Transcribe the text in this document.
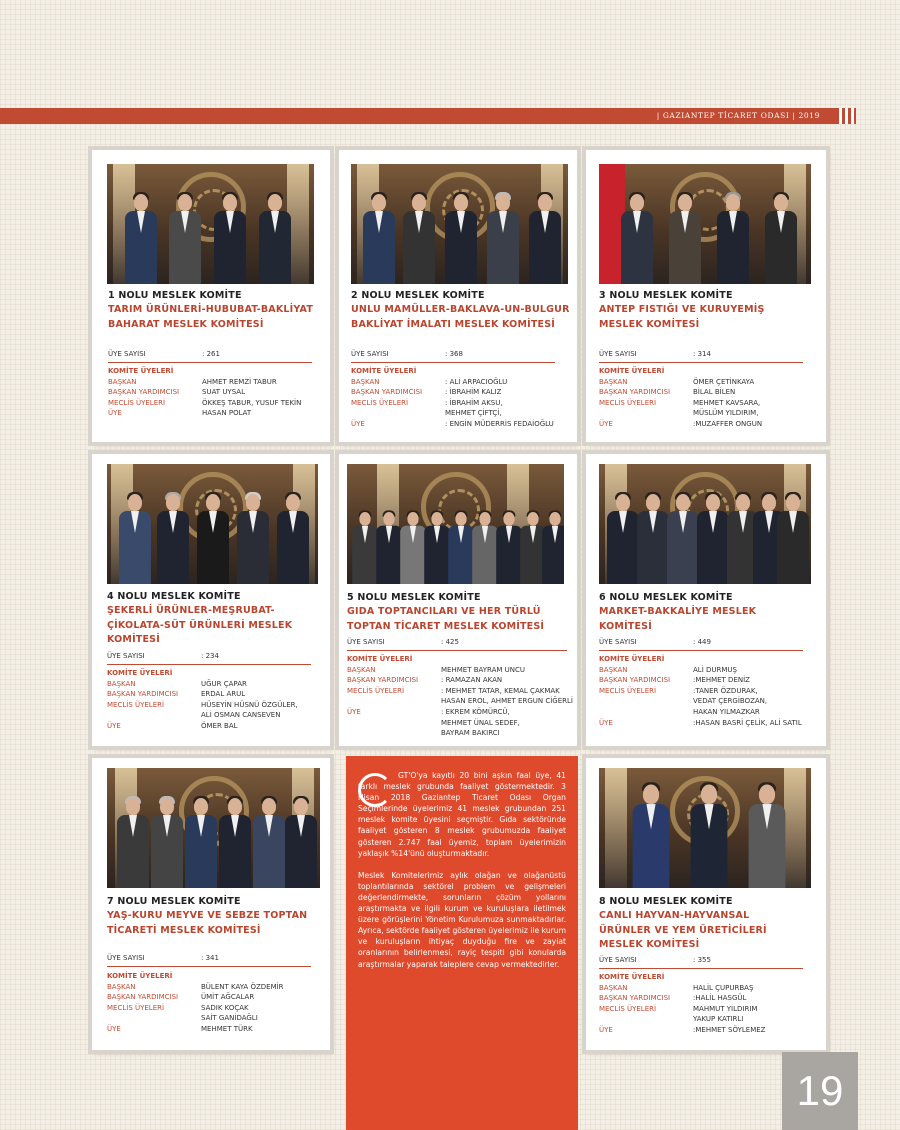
| GAZIANTEP TİCARET ODASI | 2019
1 NOLU MESLEK KOMİTE
TARIM ÜRÜNLERİ-HUBUBAT-BAKLİYAT
BAHARAT MESLEK KOMİTESİ
ÜYE SAYISI	: 261
KOMİTE ÜYELERİ
BAŞKAN	AHMET REMZİ TABUR
BAŞKAN YARDIMCISI	SUAT UYSAL
MECLİS ÜYELERİ	ÖKKEŞ TABUR, YUSUF TEKİN
ÜYE	HASAN POLAT
2 NOLU MESLEK KOMİTE
UNLU MAMÜLLER-BAKLAVA-UN-BULGUR
BAKLİYAT İMALATI MESLEK KOMİTESİ
ÜYE SAYISI	: 368
KOMİTE ÜYELERİ
BAŞKAN	: ALİ ARPACIOĞLU
BAŞKAN YARDIMCISI	: İBRAHİM KALIZ
MECLİS ÜYELERİ	: İBRAHİM AKSU,
MEHMET ÇİFTÇİ,
ÜYE	: ENGİN MÜDERRİS FEDAİOĞLU
3 NOLU MESLEK KOMİTE
ANTEP FISTIĞI VE KURUYEMİŞ
MESLEK KOMİTESİ
ÜYE SAYISI	: 314
KOMİTE ÜYELERİ
BAŞKAN	ÖMER ÇETİNKAYA
BAŞKAN YARDIMCISI	BİLAL BİLEN
MECLİS ÜYELERİ	MEHMET KAVSARA,
MÜSLÜM YILDIRIM,
ÜYE	:MUZAFFER ONGUN
4 NOLU MESLEK KOMİTE
ŞEKERLİ ÜRÜNLER-MEŞRUBAT-
ÇİKOLATA-SÜT ÜRÜNLERİ MESLEK
KOMİTESİ
ÜYE SAYISI	: 234
KOMİTE ÜYELERİ
BAŞKAN	UĞUR ÇAPAR
BAŞKAN YARDIMCISI	ERDAL ARUL
MECLİS ÜYELERİ	HÜSEYİN HÜSNÜ ÖZGÜLER,
ALİ OSMAN CANSEVEN
ÜYE	ÖMER BAL
5 NOLU MESLEK KOMİTE
GIDA TOPTANCILARI VE HER TÜRLÜ
TOPTAN TİCARET MESLEK KOMİTESİ
ÜYE SAYISI	: 425
KOMİTE ÜYELERİ
BAŞKAN	MEHMET BAYRAM UNCU
BAŞKAN YARDIMCISI	: RAMAZAN AKAN
MECLİS ÜYELERİ	: MEHMET TATAR, KEMAL ÇAKMAK
HASAN EROL, AHMET ERGUN CİĞERLİ
ÜYE	: EKREM KÖMÜRCÜ,
MEHMET ÜNAL SEDEF,
BAYRAM BAKIRCI
6 NOLU MESLEK KOMİTE
MARKET-BAKKALİYE MESLEK
KOMİTESİ
ÜYE SAYISI	: 449
KOMİTE ÜYELERİ
BAŞKAN	ALİ DURMUŞ
BAŞKAN YARDIMCISI	:MEHMET DENİZ
MECLİS ÜYELERİ	:TANER ÖZDURAK,
VEDAT ÇERGİBOZAN,
HAKAN YILMAZKAR
ÜYE	:HASAN BASRİ ÇELİK, ALİ SATIL
7 NOLU MESLEK KOMİTE
YAŞ-KURU MEYVE VE SEBZE TOPTAN
TİCARETİ MESLEK KOMİTESİ
ÜYE SAYISI	: 341
KOMİTE ÜYELERİ
BAŞKAN	BÜLENT KAYA ÖZDEMİR
BAŞKAN YARDIMCISI	ÜMİT AĞCALAR
MECLİS ÜYELERİ	SADIK KOÇAK
SAİT GANİDAĞLI
ÜYE	MEHMET TÜRK

GT'O'ya kayıtlı 20 bini aşkın faal üye, 41 farklı meslek grubunda faaliyet göstermektedir. 3 Nisan 2018 Gaziantep Ticaret Odası Organ Seçimlerinde üyelerimiz 41 meslek grubundan 251 meslek komite üyesini seçmiştir. Gıda sektöründe faaliyet gösteren 8 meslek grubumuzda faaliyet gösteren 2.747 faal üyemiz, toplam üyelerimizin yaklaşık %14'ünü oluşturmaktadır.

Meslek Komitelerimiz aylık olağan ve olağanüstü toplantılarında sektörel problem ve gelişmeleri değerlendirmekte, sorunların çözüm yollarını araştırmakta ve ilgili kurum ve kuruluşlara iletilmek üzere görüşlerini Yönetim Kurulumuza sunmaktadırlar. Ayrıca, sektörde faaliyet gösteren üyelerimiz ile kurum ve kuruluşların ihtiyaç duyduğu fire ve zayiat oranlarının belirlenmesi, rayiç tespiti gibi konularda araştırmalar yaparak taleplere cevap vermektedirler.

8 NOLU MESLEK KOMİTE
CANLI HAYVAN-HAYVANSAL
ÜRÜNLER VE YEM ÜRETİCİLERİ
MESLEK KOMİTESİ
ÜYE SAYISI	: 355
KOMİTE ÜYELERİ
BAŞKAN	HALİL ÇUPURBAŞ
BAŞKAN YARDIMCISI	:HALİL HASGÜL
MECLİS ÜYELERİ	MAHMUT YILDIRIM
YAKUP KATIRLI
ÜYE	:MEHMET SÖYLEMEZ
19
